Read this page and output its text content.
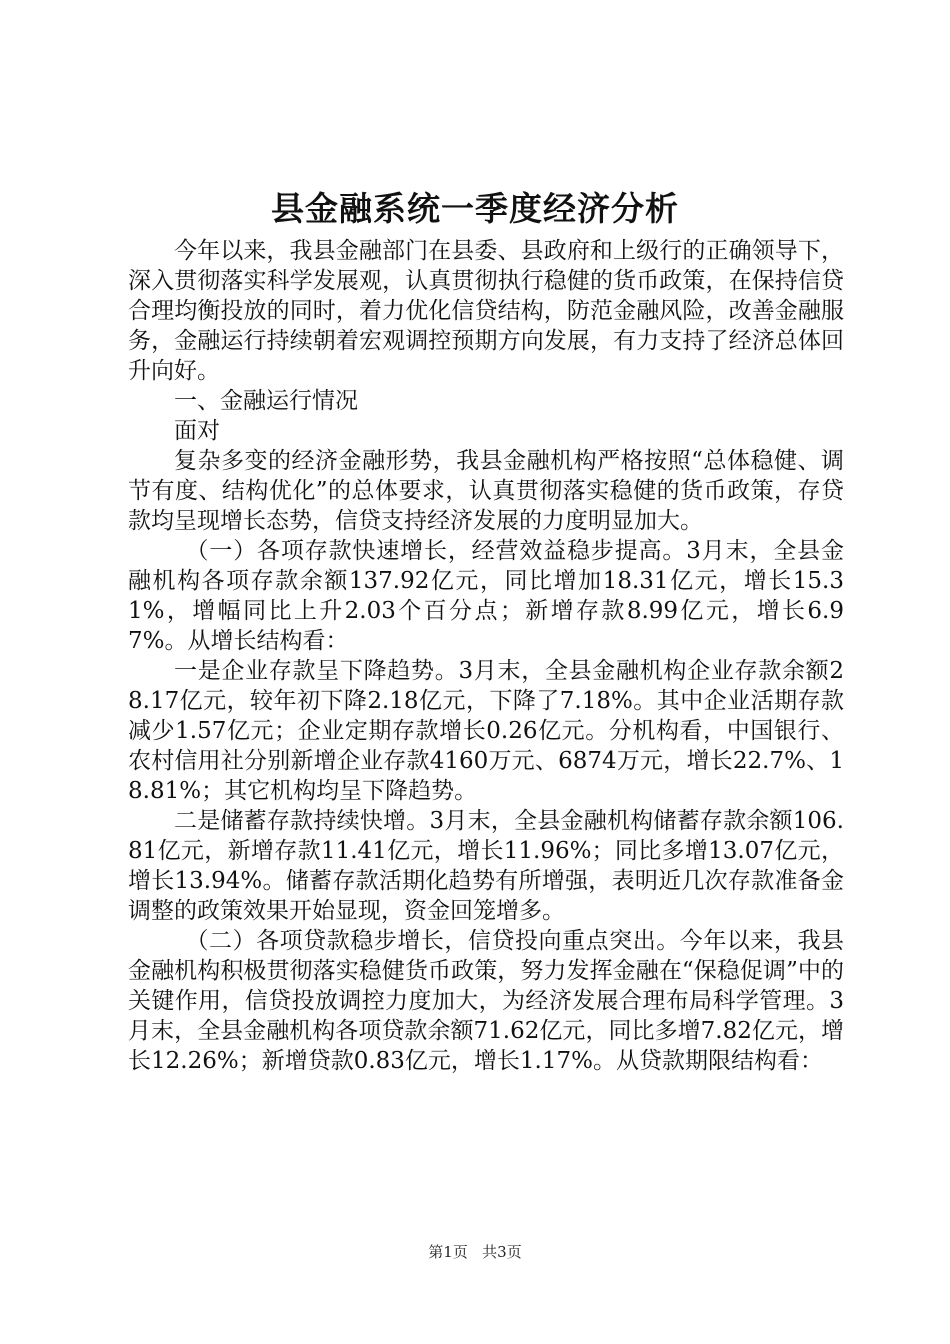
县金融系统一季度经济分析

今年以来，我县金融部门在县委、县政府和上级行的正确领导下，深入贯彻落实科学发展观，认真贯彻执行稳健的货币政策，在保持信贷合理均衡投放的同时，着力优化信贷结构，防范金融风险，改善金融服务，金融运行持续朝着宏观调控预期方向发展，有力支持了经济总体回升向好。

一、金融运行情况

面对

复杂多变的经济金融形势，我县金融机构严格按照“总体稳健、调节有度、结构优化”的总体要求，认真贯彻落实稳健的货币政策，存贷款均呈现增长态势，信贷支持经济发展的力度明显加大。

（一）各项存款快速增长，经营效益稳步提高。3月末，全县金融机构各项存款余额137.92亿元，同比增加18.31亿元，增长15.31%，增幅同比上升2.03个百分点；新增存款8.99亿元，增长6.97%。从增长结构看：

一是企业存款呈下降趋势。3月末，全县金融机构企业存款余额28.17亿元，较年初下降2.18亿元，下降了7.18%。其中企业活期存款减少1.57亿元；企业定期存款增长0.26亿元。分机构看，中国银行、农村信用社分别新增企业存款4160万元、6874万元，增长22.7%、18.81%；其它机构均呈下降趋势。

二是储蓄存款持续快增。3月末，全县金融机构储蓄存款余额106.81亿元，新增存款11.41亿元，增长11.96%；同比多增13.07亿元，增长13.94%。储蓄存款活期化趋势有所增强，表明近几次存款准备金调整的政策效果开始显现，资金回笼增多。

（二）各项贷款稳步增长，信贷投向重点突出。今年以来，我县金融机构积极贯彻落实稳健货币政策，努力发挥金融在“保稳促调”中的关键作用，信贷投放调控力度加大，为经济发展合理布局科学管理。3月末，全县金融机构各项贷款余额71.62亿元，同比多增7.82亿元，增长12.26%；新增贷款0.83亿元，增长1.17%。从贷款期限结构看：

第1页 共3页
